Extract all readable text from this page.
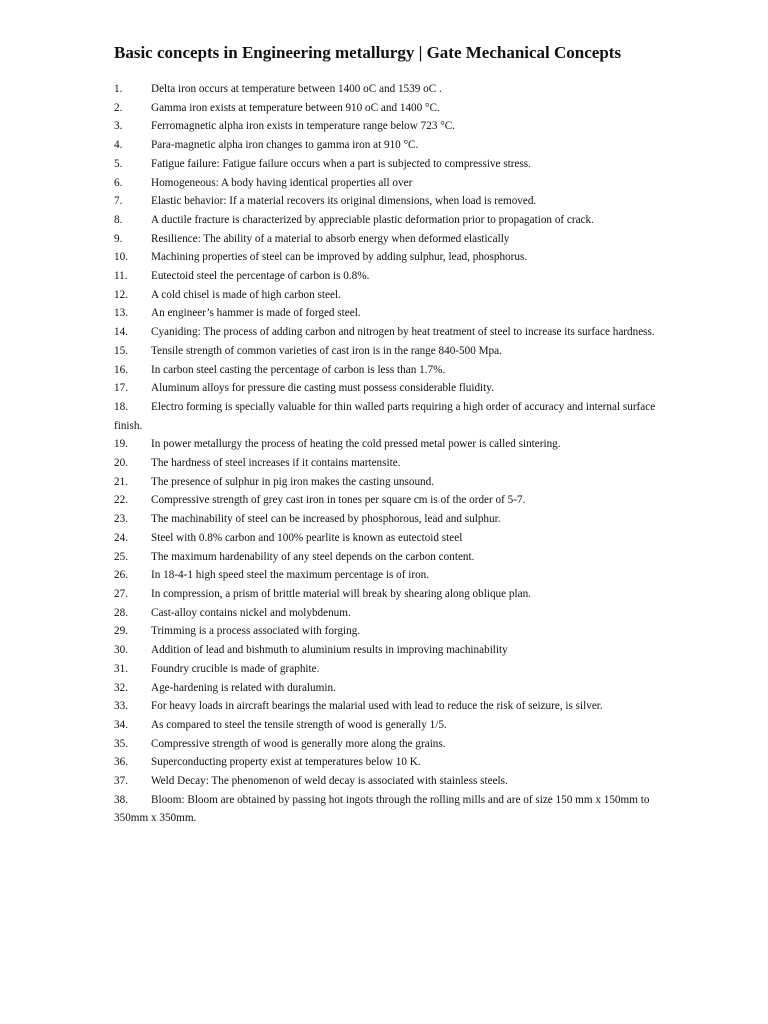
Basic concepts in Engineering metallurgy | Gate Mechanical Concepts

1.	Delta iron occurs at temperature between 1400 oC and 1539 oC .

2.	Gamma iron exists at temperature between 910 oC and 1400 °C.

3.	Ferromagnetic alpha iron exists in temperature range below 723 °C.

4.	Para-magnetic alpha iron changes to gamma iron at 910 °C.

5.	Fatigue failure: Fatigue failure occurs when a part is subjected to compressive stress.

6.	Homogeneous: A body having identical properties all over

7.	Elastic behavior: If a material recovers its original dimensions, when load is removed.

8.	A ductile fracture is characterized by appreciable plastic deformation prior to propagation of crack.

9.	Resilience: The ability of a material to absorb energy when deformed elastically

10. Machining properties of steel can be improved by adding sulphur, lead, phosphorus.

11. Eutectoid steel the percentage of carbon is 0.8%.

12. A cold chisel is made of high carbon steel.

13. An engineer’s hammer is made of forged steel.

14. Cyaniding: The process of adding carbon and nitrogen by heat treatment of steel to increase its surface hardness.

15. Tensile strength of common varieties of cast iron is in the range 840-500 Mpa.

16. In carbon steel casting the percentage of carbon is less than 1.7%.

17. Aluminum alloys for pressure die casting must possess considerable fluidity.

18. Electro forming is specially valuable for thin walled parts requiring a high order of accuracy and internal surface finish.

19. In power metallurgy the process of heating the cold pressed metal power is called sintering.

20. The hardness of steel increases if it contains martensite.

21. The presence of sulphur in pig iron makes the casting unsound.

22. Compressive strength of grey cast iron in tones per square cm is of the order of 5-7.

23. The machinability of steel can be increased by phosphorous, lead and sulphur.

24. Steel with 0.8% carbon and 100% pearlite is known as eutectoid steel

25. The maximum hardenability of any steel depends on the carbon content.

26. In 18-4-1 high speed steel the maximum percentage is of iron.

27. In compression, a prism of brittle material will break by shearing along oblique plan.

28. Cast-alloy contains nickel and molybdenum.

29. Trimming is a process associated with forging.

30. Addition of lead and bishmuth to aluminium results in improving machinability

31. Foundry crucible is made of graphite.

32. Age-hardening is related with duralumin.

33. For heavy loads in aircraft bearings the malarial used with lead to reduce the risk of seizure, is silver.

34. As compared to steel the tensile strength of wood is generally 1/5.

35. Compressive strength of wood is generally more along the grains.

36. Superconducting property exist at temperatures below 10 K.

37. Weld Decay: The phenomenon of weld decay is associated with stainless steels.

38. Bloom: Bloom are obtained by passing hot ingots through the rolling mills and are of size 150 mm x 150mm to 350mm x 350mm.
